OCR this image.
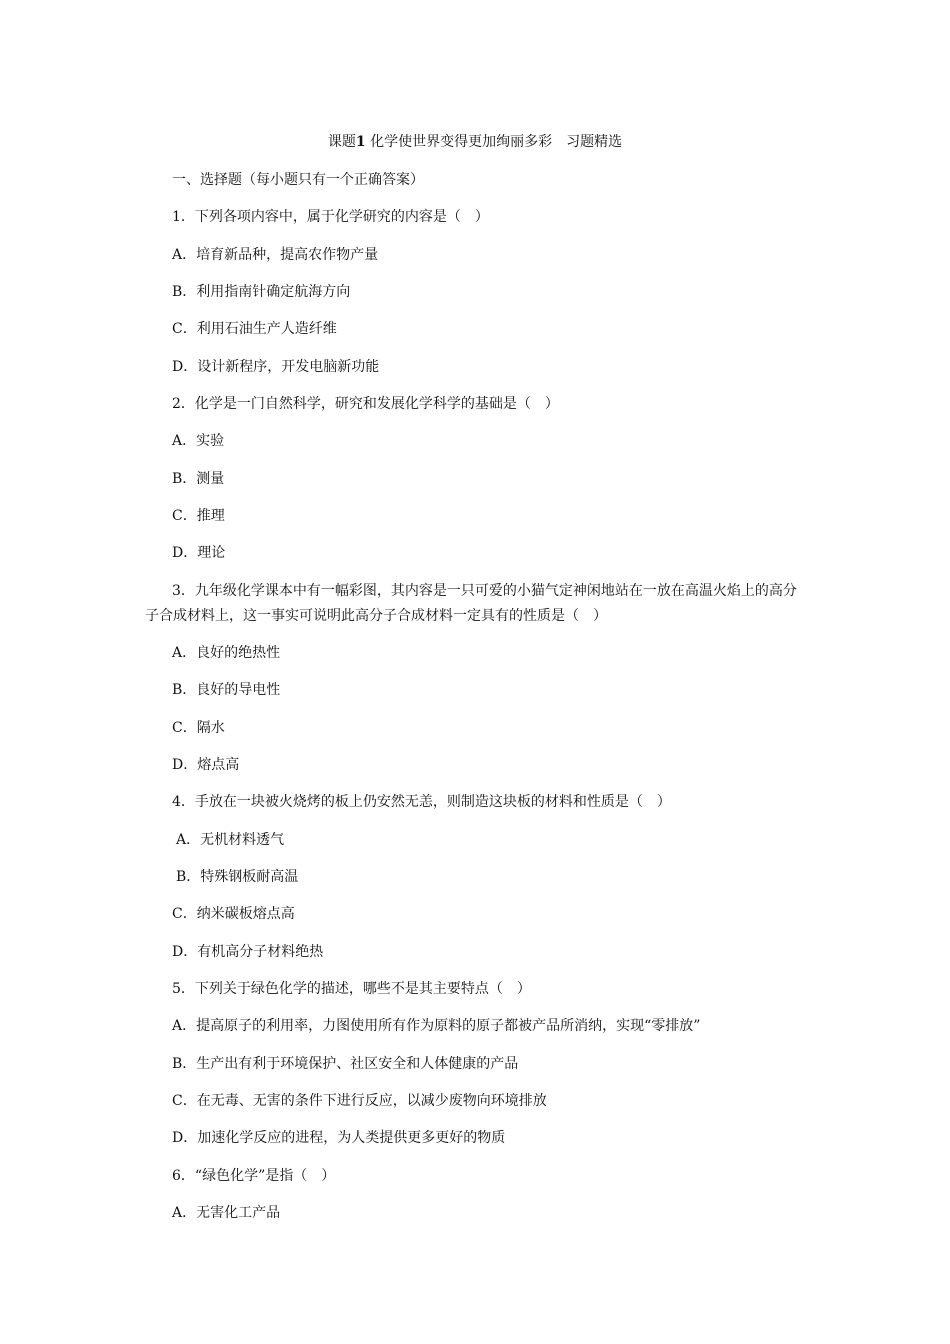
课题1 化学使世界变得更加绚丽多彩　习题精选
一、选择题（每小题只有一个正确答案）
1．下列各项内容中，属于化学研究的内容是（　）
A．培育新品种，提高农作物产量
B．利用指南针确定航海方向
C．利用石油生产人造纤维
D．设计新程序，开发电脑新功能
2．化学是一门自然科学，研究和发展化学科学的基础是（　）
A．实验
B．测量
C．推理
D．理论
3．九年级化学课本中有一幅彩图，其内容是一只可爱的小猫气定神闲地站在一放在高温火焰上的高分
子合成材料上，这一事实可说明此高分子合成材料一定具有的性质是（　）
A．良好的绝热性
B．良好的导电性
C．隔水
D．熔点高
4．手放在一块被火烧烤的板上仍安然无恙，则制造这块板的材料和性质是（　）
A．无机材料透气
B．特殊钢板耐高温
C．纳米碳板熔点高
D．有机高分子材料绝热
5．下列关于绿色化学的描述，哪些不是其主要特点（　）
A．提高原子的利用率，力图使用所有作为原料的原子都被产品所消纳，实现“零排放”
B．生产出有利于环境保护、社区安全和人体健康的产品
C．在无毒、无害的条件下进行反应，以减少废物向环境排放
D．加速化学反应的进程，为人类提供更多更好的物质
6．“绿色化学”是指（　）
A．无害化工产品
